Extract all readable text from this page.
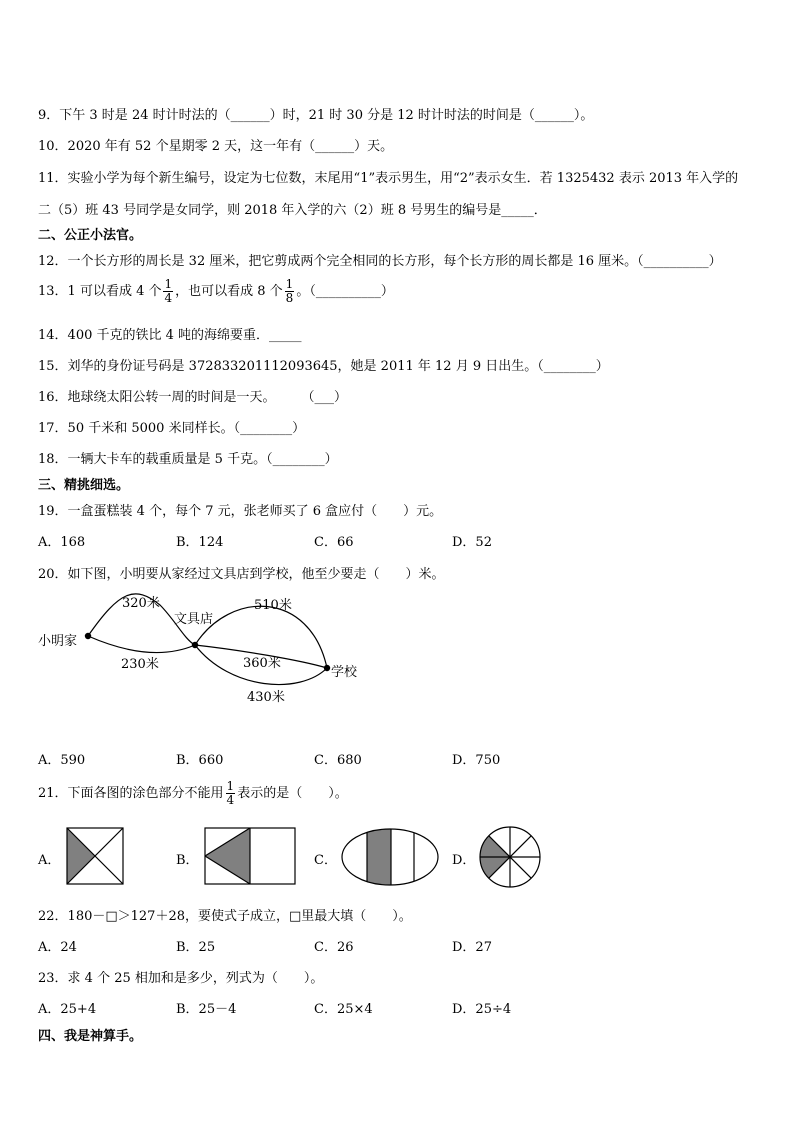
9．下午 3 时是 24 时计时法的（______）时，21 时 30 分是 12 时计时法的时间是（______）。
10．2020 年有 52 个星期零 2 天，这一年有（______）天。
11．实验小学为每个新生编号，设定为七位数，末尾用“1”表示男生，用“2”表示女生．若 1325432 表示 2013 年入学的
二（5）班 43 号同学是女同学，则 2018 年入学的六（2）班 8 号男生的编号是_____．
二、公正小法官。
12．一个长方形的周长是 32 厘米，把它剪成两个完全相同的长方形，每个长方形的周长都是 16 厘米。（__________）
13．1 可以看成 4 个 $\frac{1}{4}$ ，也可以看成 8 个 $\frac{1}{8}$ 。（__________）
14．400 千克的铁比 4 吨的海绵要重．_____
15．刘华的身份证号码是 372833201112093645，她是 2011 年 12 月 9 日出生。（________）
16．地球绕太阳公转一周的时间是一天。　　　（___）
17．50 千米和 5000 米同样长。（________）
18．一辆大卡车的载重质量是 5 千克。（________）
三、精挑细选。
19．一盒蛋糕装 4 个，每个 7 元，张老师买了 6 盒应付（　　）元。
A．168	B．124	C．66	D．52
20．如下图，小明要从家经过文具店到学校，他至少要走（　　）米。
小明家
文具店
学校
320米
230米
510米
360米
430米
A．590	B．660	C．680	D．750
21．下面各图的涂色部分不能用 $\frac{1}{4}$ 表示的是（　　）。
A．	B．	C．	D．
22．180－□＞127＋28，要使式子成立，□里最大填（　　）。
A．24	B．25	C．26	D．27
23．求 4 个 25 相加和是多少，列式为（　　）。
A．25+4	B．25－4	C．25×4	D．25÷4
四、我是神算手。
